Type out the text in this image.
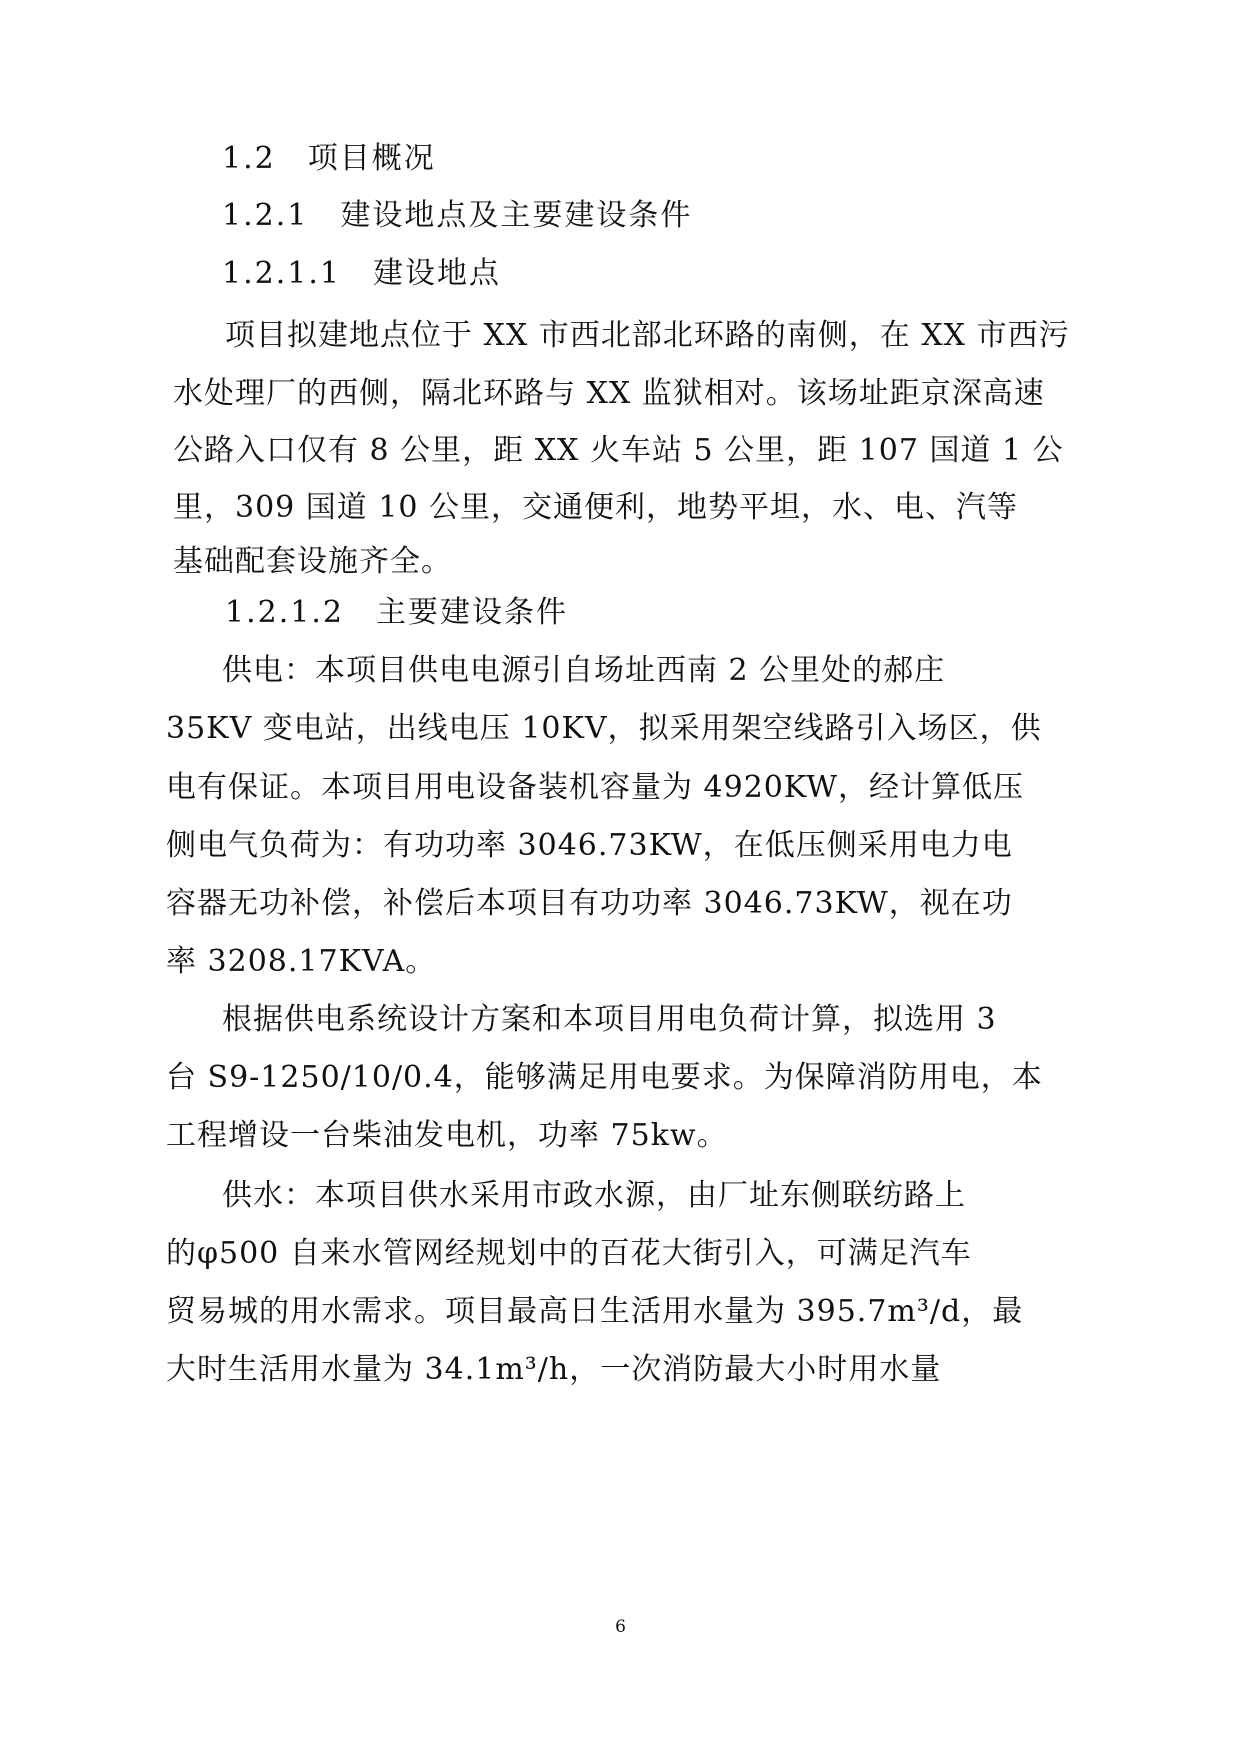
1.2　项目概况
1.2.1　建设地点及主要建设条件
1.2.1.1　建设地点
项目拟建地点位于 XX 市西北部北环路的南侧，在 XX 市西污
水处理厂的西侧，隔北环路与 XX 监狱相对。该场址距京深高速
公路入口仅有 8 公里，距 XX 火车站 5 公里，距 107 国道 1 公
里，309 国道 10 公里，交通便利，地势平坦，水、电、汽等
基础配套设施齐全。
1.2.1.2　主要建设条件
供电：本项目供电电源引自场址西南 2 公里处的郝庄
35KV 变电站，出线电压 10KV，拟采用架空线路引入场区，供
电有保证。本项目用电设备装机容量为 4920KW，经计算低压
侧电气负荷为：有功功率 3046.73KW，在低压侧采用电力电
容器无功补偿，补偿后本项目有功功率 3046.73KW，视在功
率 3208.17KVA。
根据供电系统设计方案和本项目用电负荷计算，拟选用 3
台 S9-1250/10/0.4，能够满足用电要求。为保障消防用电，本
工程增设一台柴油发电机，功率 75kw。
供水：本项目供水采用市政水源，由厂址东侧联纺路上
的φ500 自来水管网经规划中的百花大街引入，可满足汽车
贸易城的用水需求。项目最高日生活用水量为 395.7m³/d，最
大时生活用水量为 34.1m³/h，一次消防最大小时用水量
6
